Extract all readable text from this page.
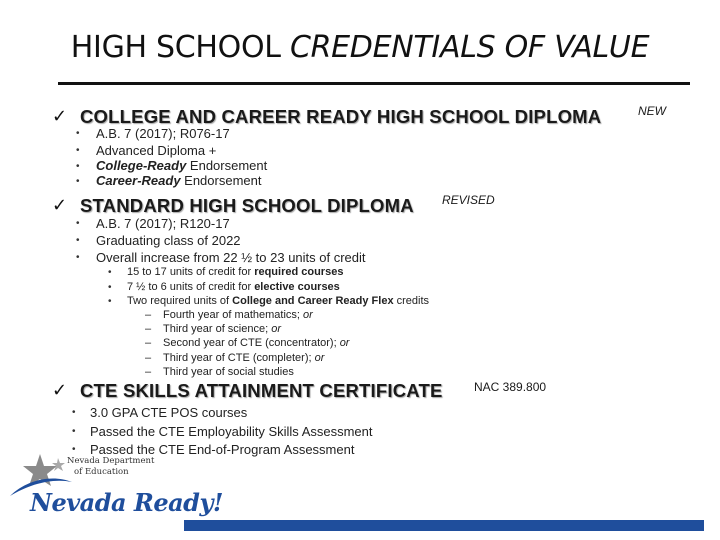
HIGH SCHOOL CREDENTIALS OF VALUE
✓ COLLEGE AND CAREER READY HIGH SCHOOL DIPLOMA	NEW
• A.B. 7 (2017); R076-17
• Advanced Diploma +
• College-Ready Endorsement
• Career-Ready Endorsement
✓ STANDARD HIGH SCHOOL DIPLOMA REVISED
• A.B. 7 (2017); R120-17
• Graduating class of 2022
• Overall increase from 22 ½ to 23 units of credit
• 15 to 17 units of credit for required courses
• 7 ½ to 6 units of credit for elective courses
• Two required units of College and Career Ready Flex credits
– Fourth year of mathematics; or
– Third year of science; or
– Second year of CTE (concentrator); or
– Third year of CTE (completer); or
– Third year of social studies
✓ CTE SKILLS ATTAINMENT CERTIFICATE	NAC 389.800
• 3.0 GPA CTE POS courses
• Passed the CTE Employability Skills Assessment
• Passed the CTE End-of-Program Assessment
Nevada Department
of Education
Nevada Ready!
